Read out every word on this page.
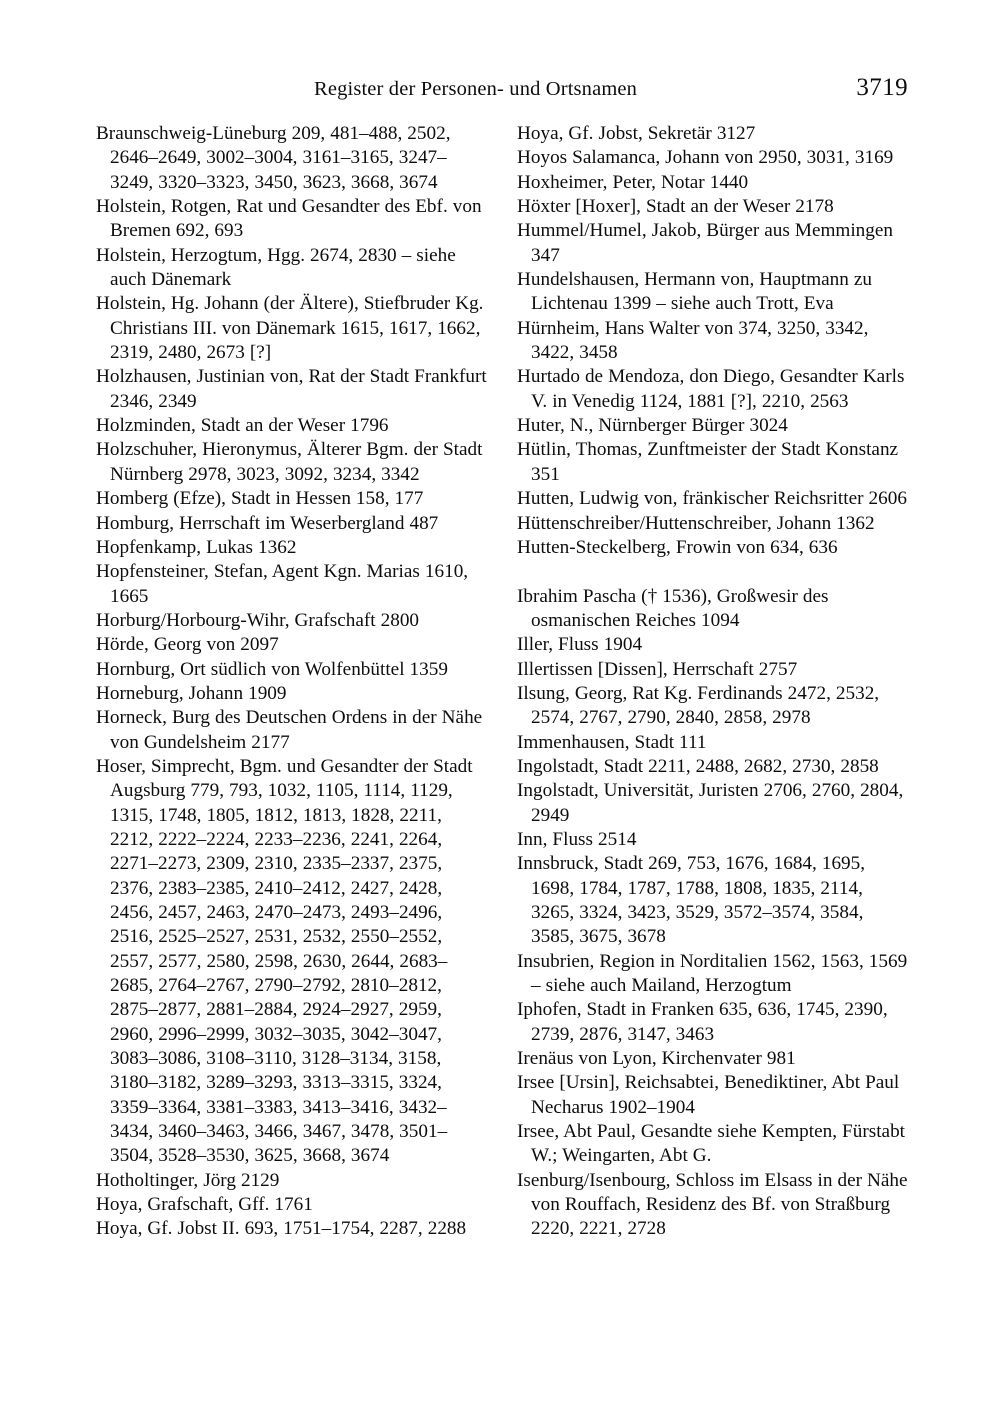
Register der Personen- und Ortsnamen	3719

Braunschweig-Lüneburg 209, 481–488, 2502, 2646–2649, 3002–3004, 3161–3165, 3247–3249, 3320–3323, 3450, 3623, 3668, 3674

Holstein, Rotgen, Rat und Gesandter des Ebf. von Bremen 692, 693

Holstein, Herzogtum, Hgg. 2674, 2830 – siehe auch Dänemark

Holstein, Hg. Johann (der Ältere), Stiefbruder Kg. Christians III. von Dänemark 1615, 1617, 1662, 2319, 2480, 2673 [?]

Holzhausen, Justinian von, Rat der Stadt Frankfurt 2346, 2349

Holzminden, Stadt an der Weser 1796

Holzschuher, Hieronymus, Älterer Bgm. der Stadt Nürnberg 2978, 3023, 3092, 3234, 3342

Homberg (Efze), Stadt in Hessen 158, 177

Homburg, Herrschaft im Weserbergland 487

Hopfenkamp, Lukas 1362

Hopfensteiner, Stefan, Agent Kgn. Marias 1610, 1665

Horburg/Horbourg-Wihr, Grafschaft 2800

Hörde, Georg von 2097

Hornburg, Ort südlich von Wolfenbüttel 1359

Horneburg, Johann 1909

Horneck, Burg des Deutschen Ordens in der Nähe von Gundelsheim 2177

Hoser, Simprecht, Bgm. und Gesandter der Stadt Augsburg 779, 793, 1032, 1105, 1114, 1129, 1315, 1748, 1805, 1812, 1813, 1828, 2211, 2212, 2222–2224, 2233–2236, 2241, 2264, 2271–2273, 2309, 2310, 2335–2337, 2375, 2376, 2383–2385, 2410–2412, 2427, 2428, 2456, 2457, 2463, 2470–2473, 2493–2496, 2516, 2525–2527, 2531, 2532, 2550–2552, 2557, 2577, 2580, 2598, 2630, 2644, 2683–2685, 2764–2767, 2790–2792, 2810–2812, 2875–2877, 2881–2884, 2924–2927, 2959, 2960, 2996–2999, 3032–3035, 3042–3047, 3083–3086, 3108–3110, 3128–3134, 3158, 3180–3182, 3289–3293, 3313–3315, 3324, 3359–3364, 3381–3383, 3413–3416, 3432–3434, 3460–3463, 3466, 3467, 3478, 3501–3504, 3528–3530, 3625, 3668, 3674

Hotholtinger, Jörg 2129

Hoya, Grafschaft, Gff. 1761

Hoya, Gf. Jobst II. 693, 1751–1754, 2287, 2288

Hoya, Gf. Jobst, Sekretär 3127

Hoyos Salamanca, Johann von 2950, 3031, 3169

Hoxheimer, Peter, Notar 1440

Höxter [Hoxer], Stadt an der Weser 2178

Hummel/Humel, Jakob, Bürger aus Memmingen 347

Hundelshausen, Hermann von, Hauptmann zu Lichtenau 1399 – siehe auch Trott, Eva

Hürnheim, Hans Walter von 374, 3250, 3342, 3422, 3458

Hurtado de Mendoza, don Diego, Gesandter Karls V. in Venedig 1124, 1881 [?], 2210, 2563

Huter, N., Nürnberger Bürger 3024

Hütlin, Thomas, Zunftmeister der Stadt Konstanz 351

Hutten, Ludwig von, fränkischer Reichsritter 2606

Hüttenschreiber/Huttenschreiber, Johann 1362

Hutten-Steckelberg, Frowin von 634, 636

Ibrahim Pascha († 1536), Großwesir des osmanischen Reiches 1094

Iller, Fluss 1904

Illertissen [Dissen], Herrschaft 2757

Ilsung, Georg, Rat Kg. Ferdinands 2472, 2532, 2574, 2767, 2790, 2840, 2858, 2978

Immenhausen, Stadt 111

Ingolstadt, Stadt 2211, 2488, 2682, 2730, 2858

Ingolstadt, Universität, Juristen 2706, 2760, 2804, 2949

Inn, Fluss 2514

Innsbruck, Stadt 269, 753, 1676, 1684, 1695, 1698, 1784, 1787, 1788, 1808, 1835, 2114, 3265, 3324, 3423, 3529, 3572–3574, 3584, 3585, 3675, 3678

Insubrien, Region in Norditalien 1562, 1563, 1569 – siehe auch Mailand, Herzogtum

Iphofen, Stadt in Franken 635, 636, 1745, 2390, 2739, 2876, 3147, 3463

Irenäus von Lyon, Kirchenvater 981

Irsee [Ursin], Reichsabtei, Benediktiner, Abt Paul Necharus 1902–1904

Irsee, Abt Paul, Gesandte siehe Kempten, Fürstabt W.; Weingarten, Abt G.

Isenburg/Isenbourg, Schloss im Elsass in der Nähe von Rouffach, Residenz des Bf. von Straßburg 2220, 2221, 2728
